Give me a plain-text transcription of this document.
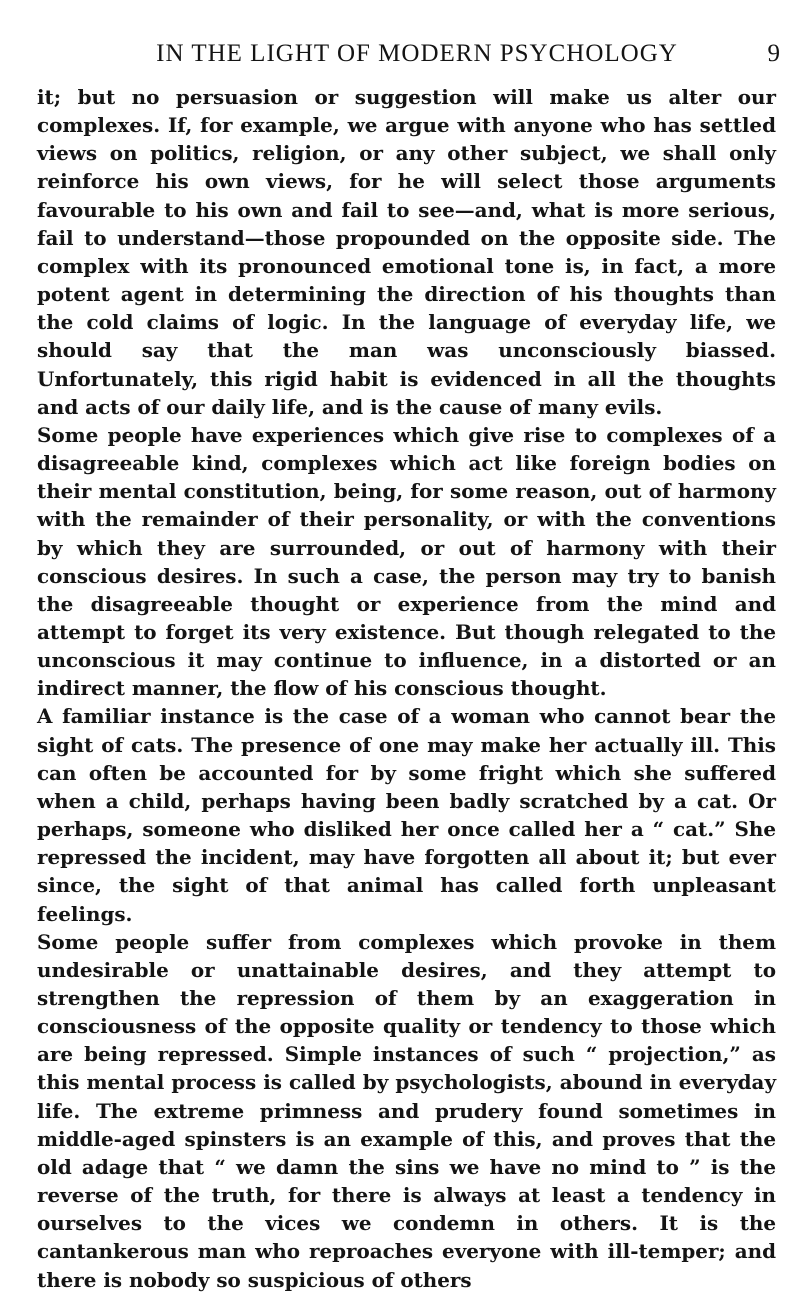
IN THE LIGHT OF MODERN PSYCHOLOGY	9

it; but no persuasion or suggestion will make us alter our complexes. If, for example, we argue with anyone who has settled views on politics, religion, or any other subject, we shall only reinforce his own views, for he will select those arguments favourable to his own and fail to see—and, what is more serious, fail to understand—those propounded on the opposite side. The complex with its pronounced emotional tone is, in fact, a more potent agent in determining the direction of his thoughts than the cold claims of logic. In the language of everyday life, we should say that the man was unconsciously biassed. Unfortunately, this rigid habit is evidenced in all the thoughts and acts of our daily life, and is the cause of many evils.

Some people have experiences which give rise to complexes of a disagreeable kind, complexes which act like foreign bodies on their mental constitution, being, for some reason, out of harmony with the remainder of their personality, or with the conventions by which they are surrounded, or out of harmony with their conscious desires. In such a case, the person may try to banish the disagreeable thought or experience from the mind and attempt to forget its very existence. But though relegated to the unconscious it may continue to influence, in a distorted or an indirect manner, the flow of his conscious thought.

A familiar instance is the case of a woman who cannot bear the sight of cats. The presence of one may make her actually ill. This can often be accounted for by some fright which she suffered when a child, perhaps having been badly scratched by a cat. Or perhaps, someone who disliked her once called her a “ cat.” She repressed the incident, may have forgotten all about it; but ever since, the sight of that animal has called forth unpleasant feelings.

Some people suffer from complexes which provoke in them undesirable or unattainable desires, and they attempt to strengthen the repression of them by an exaggeration in consciousness of the opposite quality or tendency to those which are being repressed. Simple instances of such “ projection,” as this mental process is called by psychologists, abound in everyday life. The extreme primness and prudery found sometimes in middle-aged spinsters is an example of this, and proves that the old adage that “ we damn the sins we have no mind to ” is the reverse of the truth, for there is always at least a tendency in ourselves to the vices we condemn in others. It is the cantankerous man who reproaches everyone with ill-temper; and there is nobody so suspicious of others
